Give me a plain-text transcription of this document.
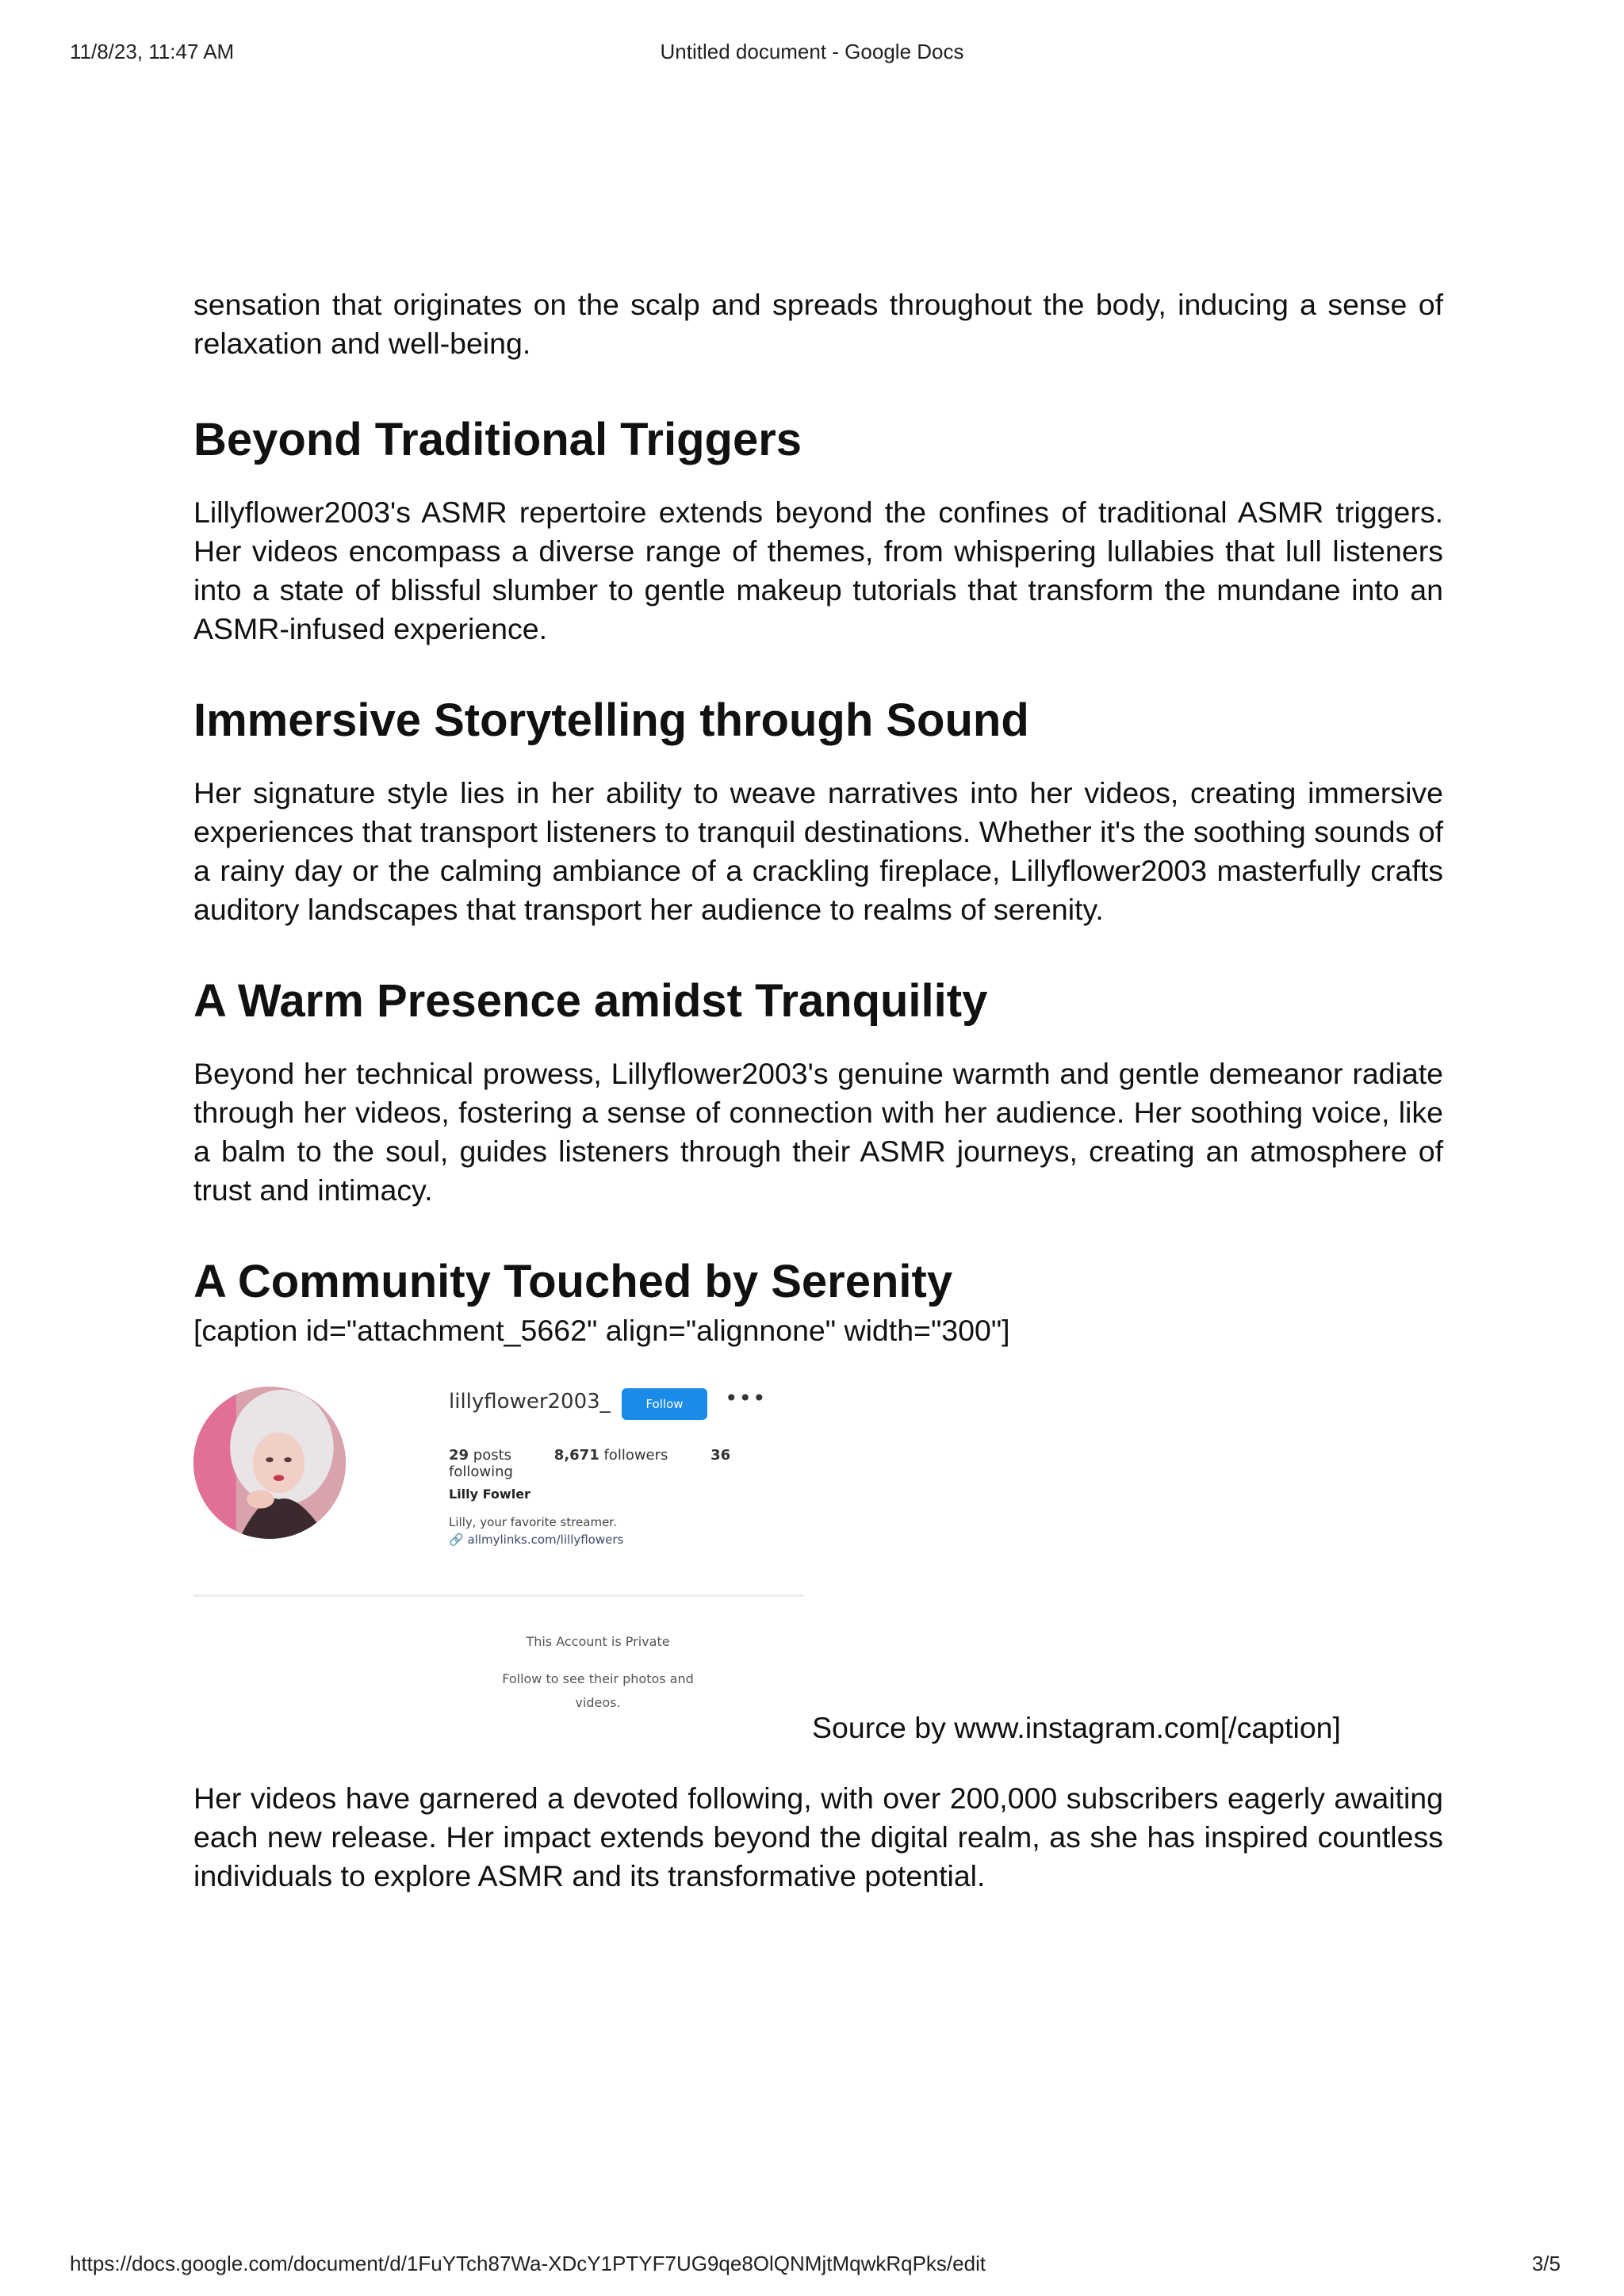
11/8/23, 11:47 AM	Untitled document - Google Docs

sensation that originates on the scalp and spreads throughout the body, inducing a sense of relaxation and well-being.

Beyond Traditional Triggers

Lillyflower2003's ASMR repertoire extends beyond the confines of traditional ASMR triggers. Her videos encompass a diverse range of themes, from whispering lullabies that lull listeners into a state of blissful slumber to gentle makeup tutorials that transform the mundane into an ASMR-infused experience.

Immersive Storytelling through Sound

Her signature style lies in her ability to weave narratives into her videos, creating immersive experiences that transport listeners to tranquil destinations. Whether it's the soothing sounds of a rainy day or the calming ambiance of a crackling fireplace, Lillyflower2003 masterfully crafts auditory landscapes that transport her audience to realms of serenity.

A Warm Presence amidst Tranquility

Beyond her technical prowess, Lillyflower2003's genuine warmth and gentle demeanor radiate through her videos, fostering a sense of connection with her audience. Her soothing voice, like a balm to the soul, guides listeners through their ASMR journeys, creating an atmosphere of trust and intimacy.

A Community Touched by Serenity

[caption id="attachment_5662" align="alignnone" width="300"]

lillyflower2003_	Follow	•••
29 posts	8,671 followers	36 following
Lilly Fowler
Lilly, your favorite streamer.
🔗 allmylinks.com/lillyflowers
This Account is Private
Follow to see their photos and videos.

Source by www.instagram.com[/caption]

Her videos have garnered a devoted following, with over 200,000 subscribers eagerly awaiting each new release. Her impact extends beyond the digital realm, as she has inspired countless individuals to explore ASMR and its transformative potential.

https://docs.google.com/document/d/1FuYTch87Wa-XDcY1PTYF7UG9qe8OlQNMjtMqwkRqPks/edit	3/5
